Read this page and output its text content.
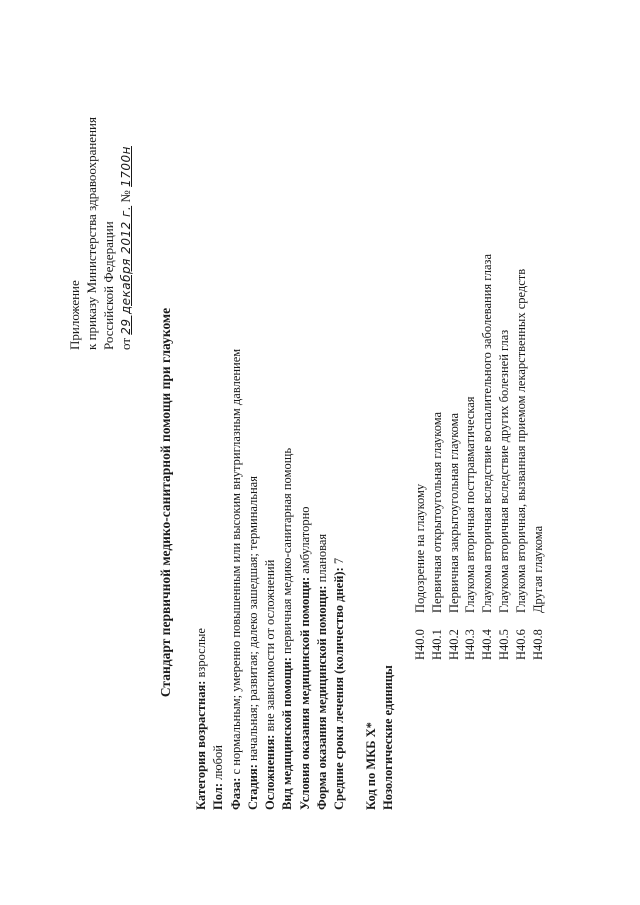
Приложение к приказу Министерства здравоохранения Российской Федерации от 29 декабря 2012 г. № 1700н
Стандарт первичной медико-санитарной помощи при глаукоме
Категория возрастная: взрослые
Пол: любой
Фаза: с нормальным; умеренно повышенным или высоким внутриглазным давлением
Стадия: начальная; развитая; далеко зашедшая; терминальная
Осложнения: вне зависимости от осложнений Вид медицинской помощи: первичная медико-санитарная помощь
Условия оказания медицинской помощи: амбулаторно
Форма оказания медицинской помощи: плановая
Средние сроки лечения (количество дней): 7
Код по МКБ X* Нозологические единицы
H40.0Подозрение на глаукому
H40.1Первичная открытоугольная глаукома
H40.2Первичная закрытоугольная глаукома
H40.3Глаукома вторичная посттравматическая
H40.4Глаукома вторичная вследствие воспалительного заболевания глаза
H40.5Глаукома вторичная вследствие других болезней глаз
H40.6Глаукома вторичная, вызванная приемом лекарственных средств
H40.8Другая глаукома
